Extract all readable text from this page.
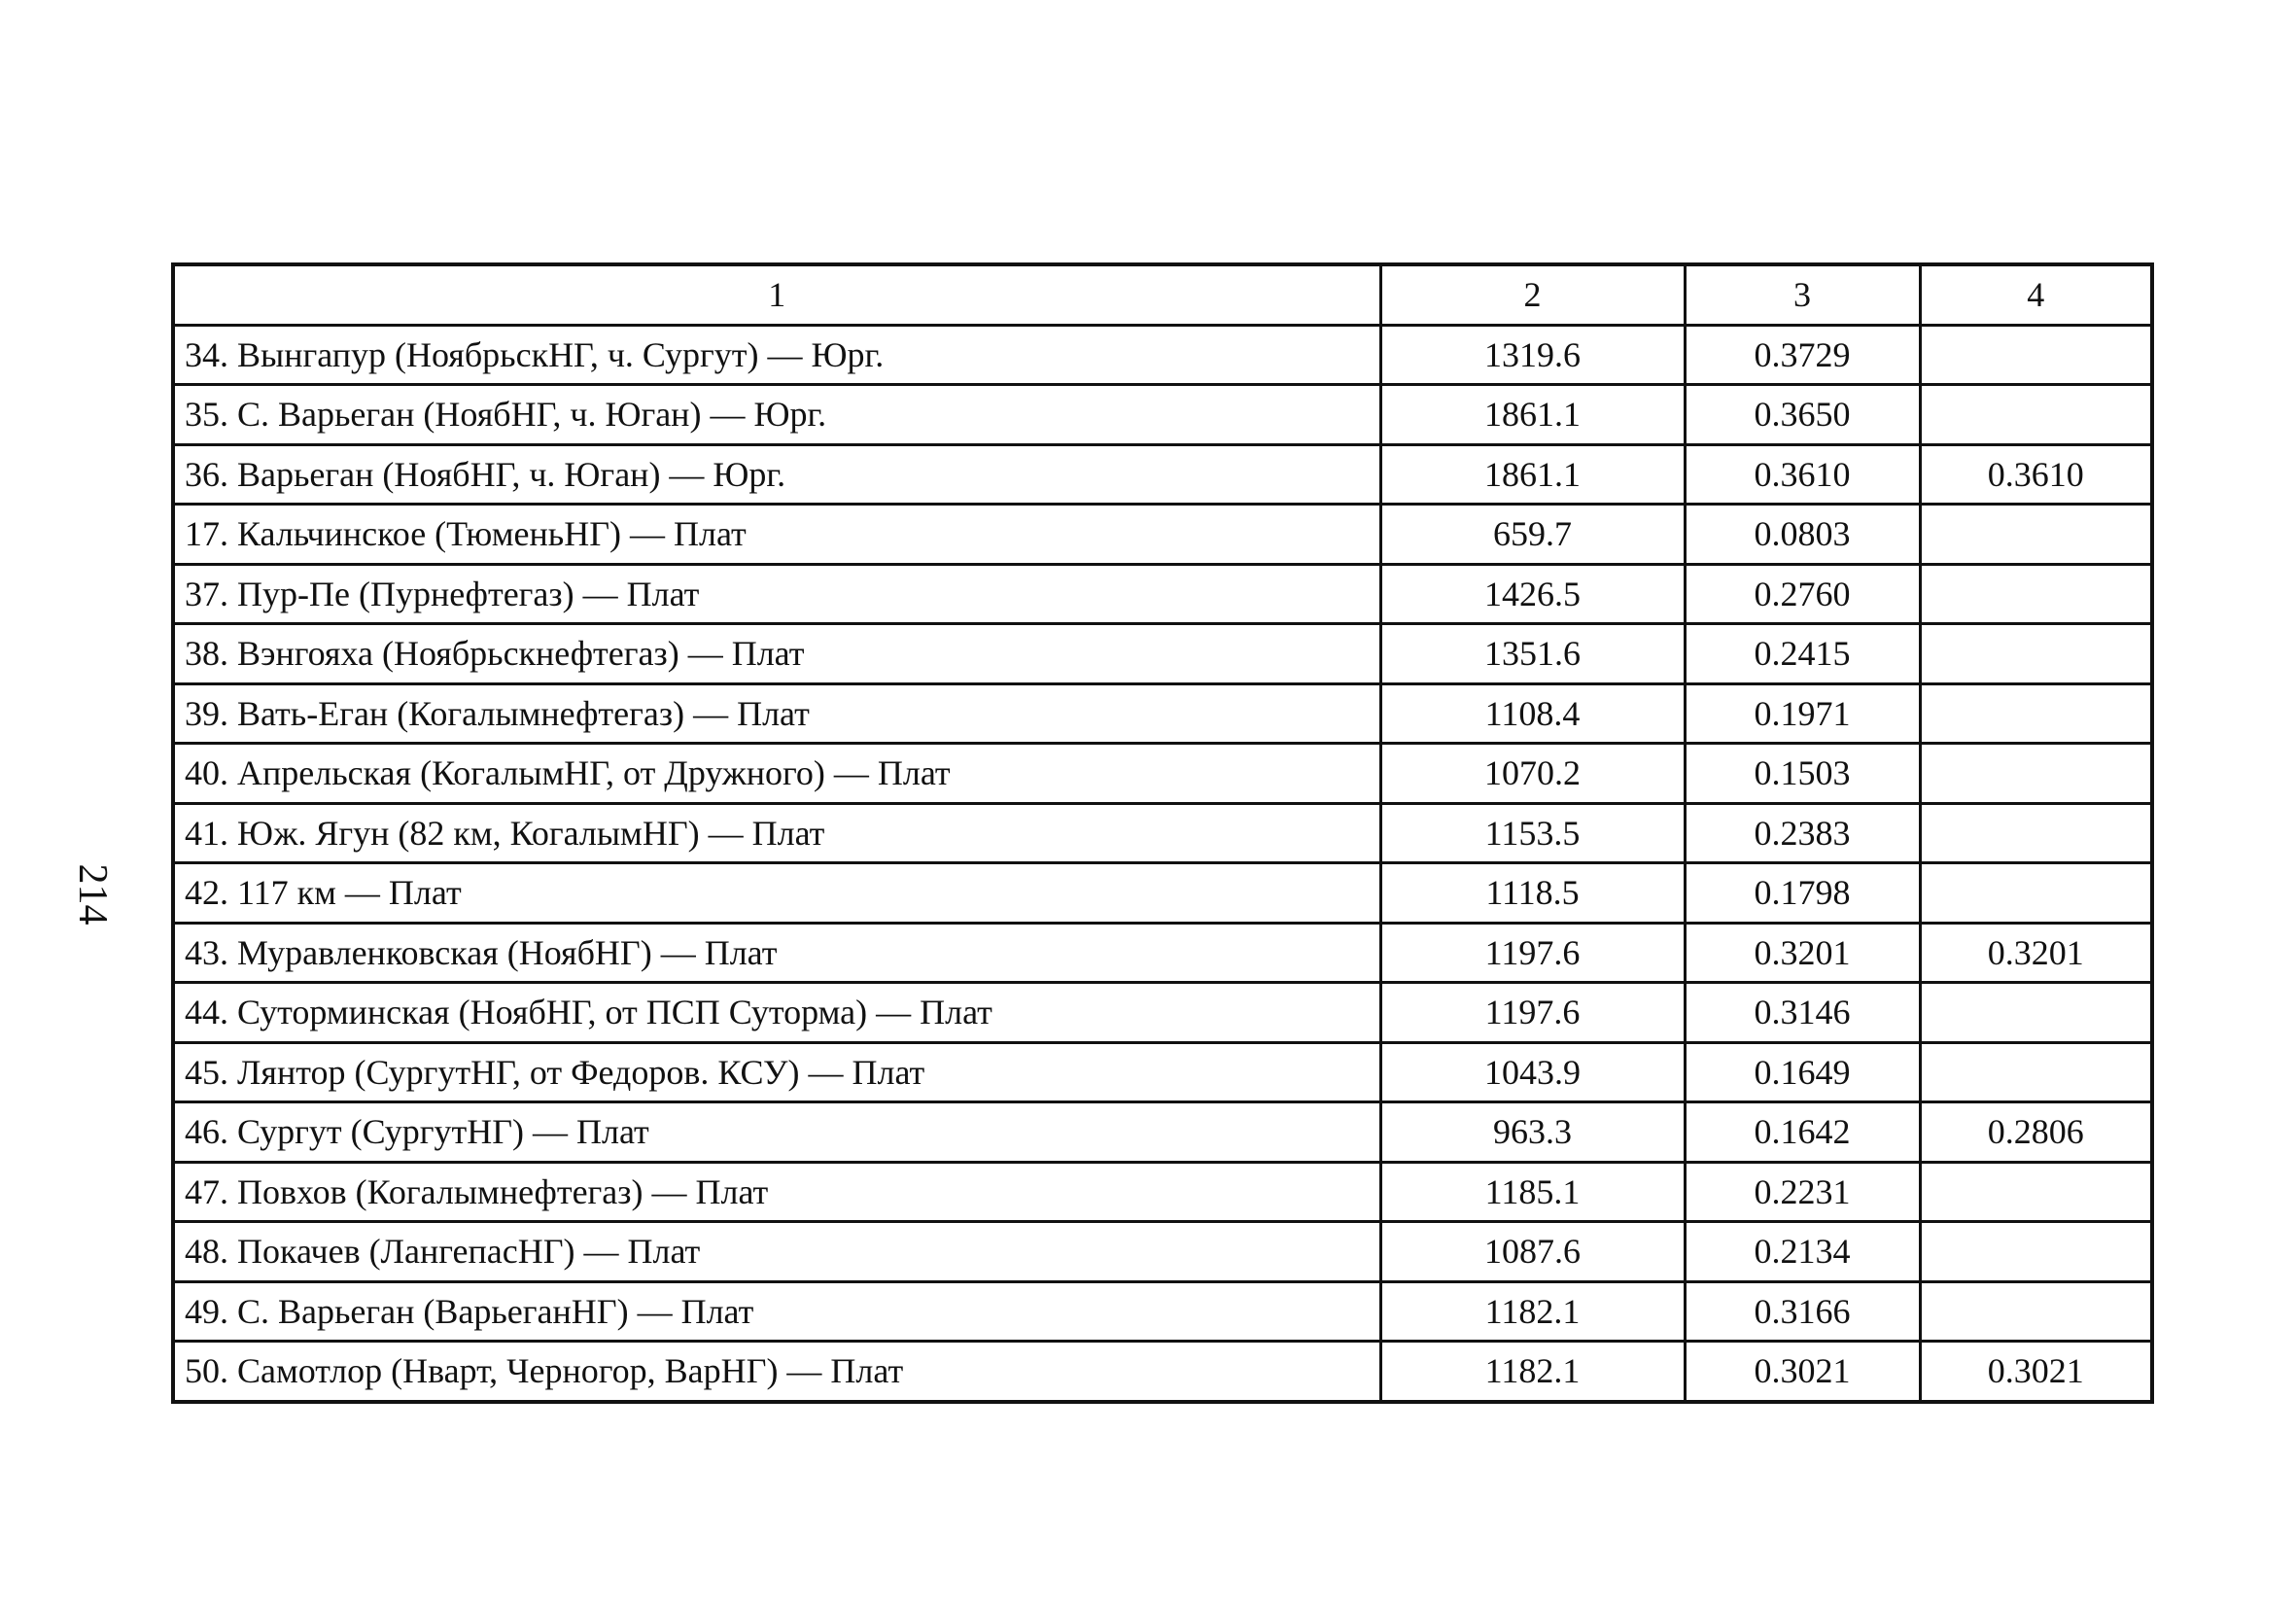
214
1	2	3	4
34. Вынгапур (НоябрьскНГ, ч. Сургут) — Юрг.	1319.6	0.3729	
35. С. Варьеган (НоябНГ, ч. Юган) — Юрг.	1861.1	0.3650	
36. Варьеган (НоябНГ, ч. Юган) — Юрг.	1861.1	0.3610	0.3610
17. Кальчинское (ТюменьНГ) — Плат	659.7	0.0803	
37. Пур-Пе (Пурнефтегаз) — Плат	1426.5	0.2760	
38. Вэнгояха (Ноябрьскнефтегаз) — Плат	1351.6	0.2415	
39. Вать-Еган (Когалымнефтегаз) — Плат	1108.4	0.1971	
40. Апрельская (КогалымНГ, от Дружного) — Плат	1070.2	0.1503	
41. Юж. Ягун (82 км, КогалымНГ) — Плат	1153.5	0.2383	
42. 117 км — Плат	1118.5	0.1798	
43. Муравленковская (НоябНГ) — Плат	1197.6	0.3201	0.3201
44. Суторминская (НоябНГ, от ПСП Суторма) — Плат	1197.6	0.3146	
45. Лянтор (СургутНГ, от Федоров. КСУ) — Плат	1043.9	0.1649	
46. Сургут (СургутНГ) — Плат	963.3	0.1642	0.2806
47. Повхов (Когалымнефтегаз) — Плат	1185.1	0.2231	
48. Покачев (ЛангепасНГ) — Плат	1087.6	0.2134	
49. С. Варьеган (ВарьеганНГ) — Плат	1182.1	0.3166	
50. Самотлор (Нварт, Черногор, ВарНГ) — Плат	1182.1	0.3021	0.3021
